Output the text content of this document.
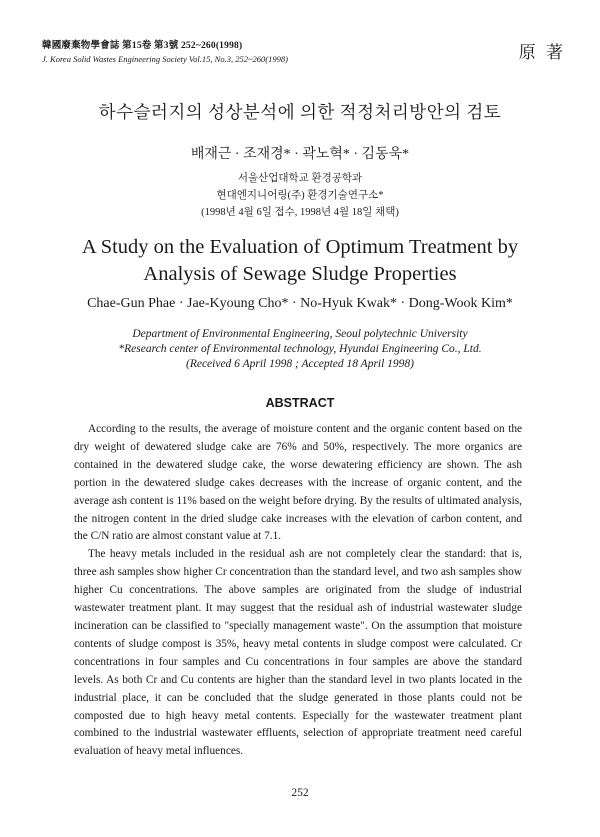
韓國廢棄物學會誌 第15卷 第3號 252~260(1998)
J. Korea Solid Wastes Engineering Society Vol.15, No.3, 252~260(1998)	原 著
하수슬러지의 성상분석에 의한 적정처리방안의 검토
배재근 · 조재경* · 곽노혁* · 김동욱*
서울산업대학교 환경공학과
현대엔지니어링(주) 환경기술연구소*
(1998년 4월 6일 접수, 1998년 4월 18일 채택)
A Study on the Evaluation of Optimum Treatment by
Analysis of Sewage Sludge Properties
Chae-Gun Phae · Jae-Kyoung Cho* · No-Hyuk Kwak* · Dong-Wook Kim*
Department of Environmental Engineering, Seoul polytechnic University
*Research center of Environmental technology, Hyundai Engineering Co., Ltd.
(Received 6 April 1998 ; Accepted 18 April 1998)
ABSTRACT

According to the results, the average of moisture content and the organic content based on the dry weight of dewatered sludge cake are 76% and 50%, respectively. The more organics are contained in the dewatered sludge cake, the worse dewatering efficiency are shown. The ash portion in the dewatered sludge cakes decreases with the increase of organic content, and the average ash content is 11% based on the weight before drying. By the results of ultimated analysis, the nitrogen content in the dried sludge cake increases with the elevation of carbon content, and the C/N ratio are almost constant value at 7.1.

The heavy metals included in the residual ash are not completely clear the standard: that is, three ash samples show higher Cr concentration than the standard level, and two ash samples show higher Cu concentrations. The above samples are originated from the sludge of industrial wastewater treatment plant. It may suggest that the residual ash of industrial wastewater sludge incineration can be classified to "specially management waste". On the assumption that moisture contents of sludge compost is 35%, heavy metal contents in sludge compost were calculated. Cr concentrations in four samples and Cu concentrations in four samples are above the standard levels. As both Cr and Cu contents are higher than the standard level in two plants located in the industrial place, it can be concluded that the sludge generated in those plants could not be composted due to high heavy metal contents. Especially for the wastewater treatment plant combined to the industrial wastewater effluents, selection of appropriate treatment need careful evaluation of heavy metal influences.

252
